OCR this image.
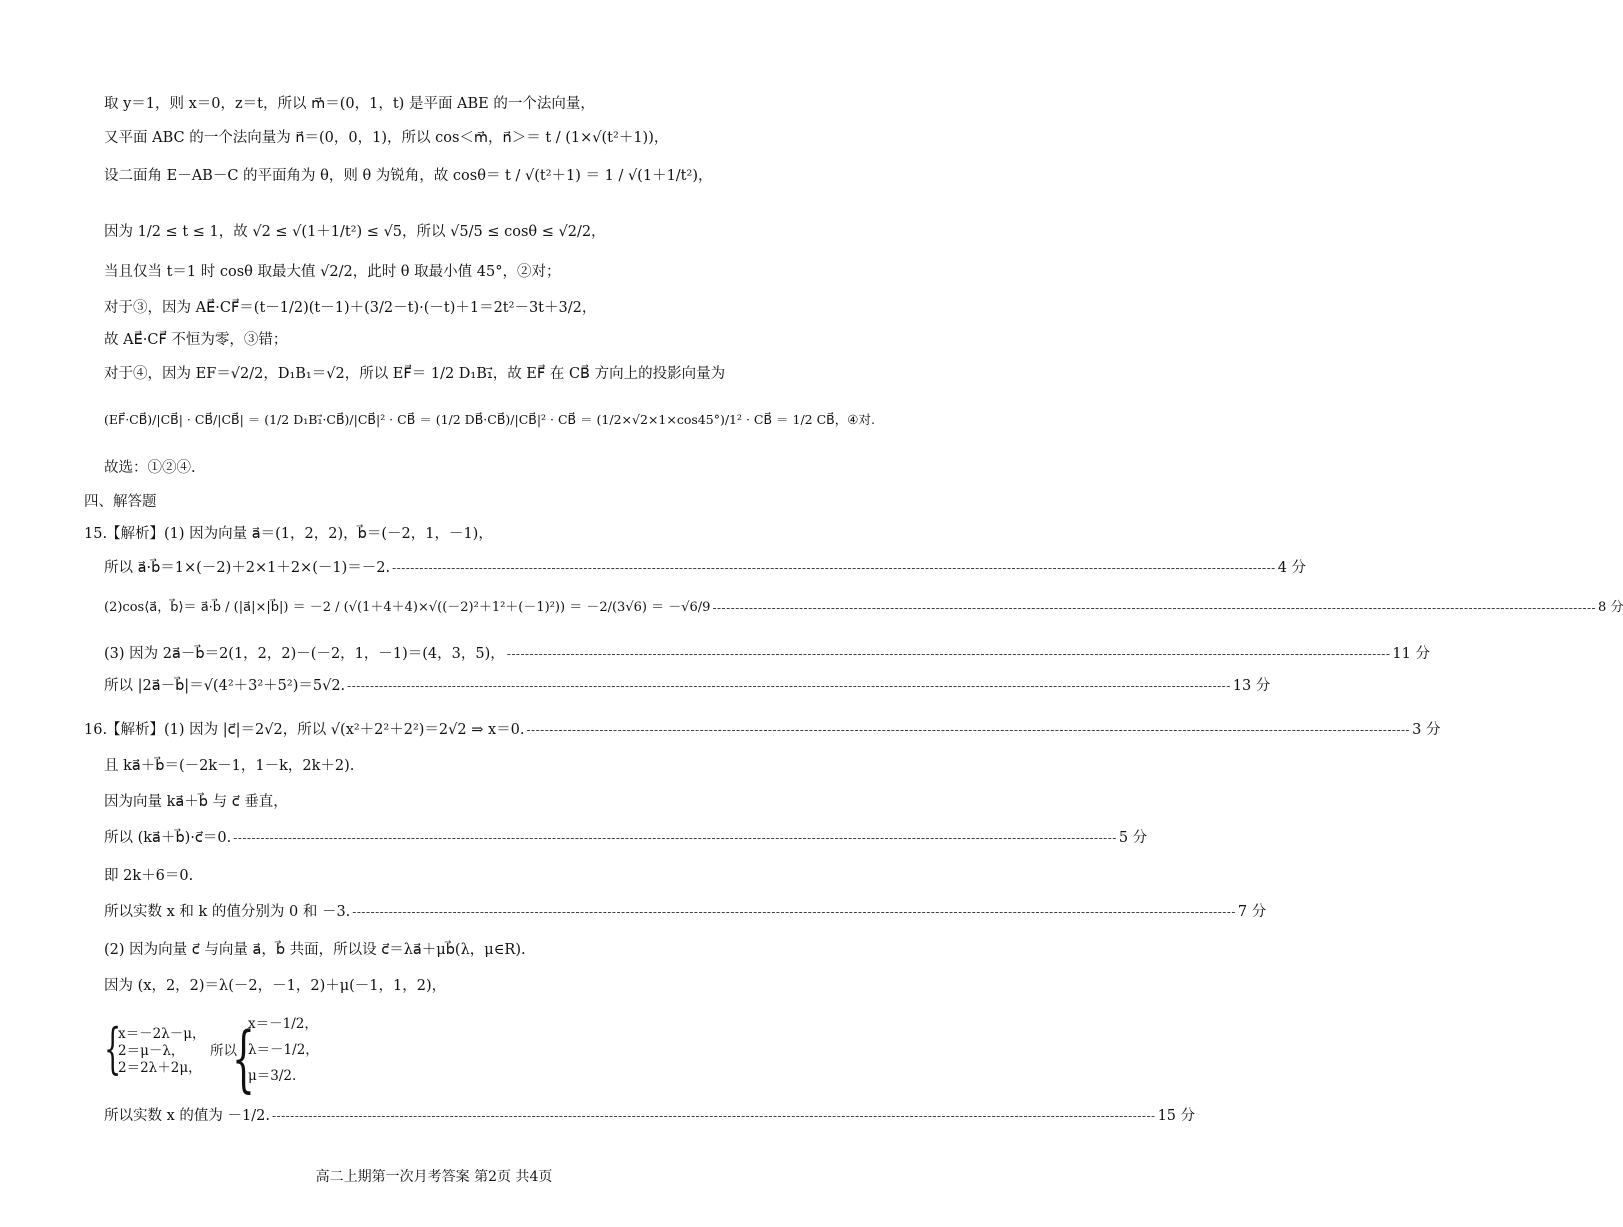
取 y＝1，则 x＝0，z＝t，所以 m⃗＝(0，1，t) 是平面 ABE 的一个法向量，
又平面 ABC 的一个法向量为 n⃗＝(0，0，1)，所以 cos＜m⃗，n⃗＞＝ t / (1×√(t²＋1))，
设二面角 E－AB－C 的平面角为 θ，则 θ 为锐角，故 cosθ＝ t / √(t²＋1) ＝ 1 / √(1＋1/t²)，
因为 1/2 ≤ t ≤ 1，故 √2 ≤ √(1＋1/t²) ≤ √5，所以 √5/5 ≤ cosθ ≤ √2/2，
当且仅当 t＝1 时 cosθ 取最大值 √2/2，此时 θ 取最小值 45°，②对；
对于③，因为 AE⃗·CF⃗＝(t－1/2)(t－1)＋(3/2－t)·(－t)＋1＝2t²－3t＋3/2，
故 AE⃗·CF⃗ 不恒为零，③错；
对于④，因为 EF＝√2/2，D₁B₁＝√2，所以 EF⃗＝ 1/2 D₁B₁⃗，故 EF⃗ 在 CB⃗ 方向上的投影向量为
(EF⃗·CB⃗)/|CB⃗| · CB⃗/|CB⃗| ＝ (1/2 D₁B₁⃗·CB⃗)/|CB⃗|² · CB⃗ ＝ (1/2 DB⃗·CB⃗)/|CB⃗|² · CB⃗ ＝ (1/2×√2×1×cos45°)/1² · CB⃗ ＝ 1/2 CB⃗，④对.
故选：①②④.
四、解答题
15.
【解析】(1) 因为向量 a⃗＝(1，2，2)，b⃗＝(－2，1，－1)，
所以 a⃗·b⃗＝1×(－2)＋2×1＋2×(－1)＝－2. -------------------------------------------------------------------------------------------------------------------------------------------------------------------------------------------------- 4 分
(2)cos⟨a⃗，b⃗⟩＝ a⃗·b⃗ / (|a⃗|×|b⃗|) ＝ －2 / (√(1＋4＋4)×√((－2)²＋1²＋(－1)²)) ＝ －2/(3√6) ＝ －√6/9 -------------------------------------------------------------------------------------------------------------------------------------------------------------------------------------------------- 8 分
(3) 因为 2a⃗－b⃗＝2(1，2，2)－(－2，1，－1)＝(4，3，5)， -------------------------------------------------------------------------------------------------------------------------------------------------------------------------------------------------- 11 分
所以 |2a⃗－b⃗|＝√(4²＋3²＋5²)＝5√2. -------------------------------------------------------------------------------------------------------------------------------------------------------------------------------------------------- 13 分
16.
【解析】(1) 因为 |c⃗|＝2√2，所以 √(x²＋2²＋2²)＝2√2 ⇒ x＝0. -------------------------------------------------------------------------------------------------------------------------------------------------------------------------------------------------- 3 分
且 ka⃗＋b⃗＝(－2k－1，1－k，2k＋2).
因为向量 ka⃗＋b⃗ 与 c⃗ 垂直，
所以 (ka⃗＋b⃗)·c⃗＝0. -------------------------------------------------------------------------------------------------------------------------------------------------------------------------------------------------- 5 分
即 2k＋6＝0.
所以实数 x 和 k 的值分别为 0 和 －3. -------------------------------------------------------------------------------------------------------------------------------------------------------------------------------------------------- 7 分
(2) 因为向量 c⃗ 与向量 a⃗，b⃗ 共面，所以设 c⃗＝λa⃗＋μb⃗(λ，μ∈R).
因为 (x，2，2)＝λ(－2，－1，2)＋μ(－1，1，2)，
{
x＝－2λ－μ，
2＝μ－λ，
2＝2λ＋2μ，
所以
{
x＝－1/2，
λ＝－1/2，
μ＝3/2.
所以实数 x 的值为 －1/2. -------------------------------------------------------------------------------------------------------------------------------------------------------------------------------------------------- 15 分
高二上期第一次月考答案 第2页 共4页
